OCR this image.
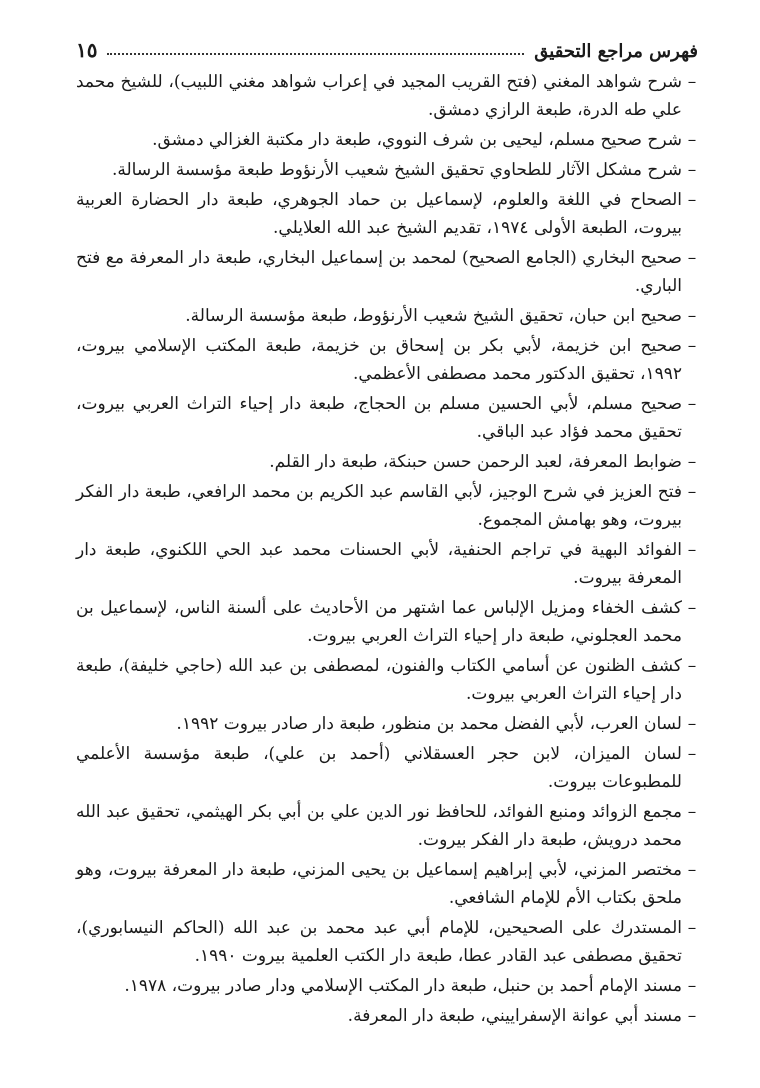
فهرس مراجع التحقيق
١٥

–
شرح شواهد المغني (فتح القريب المجيد في إعراب شواهد مغني اللبيب)، للشيخ محمد علي طه الدرة، طبعة الرازي دمشق.

–
شرح صحيح مسلم، ليحيى بن شرف النووي، طبعة دار مكتبة الغزالي دمشق.

–
شرح مشكل الآثار للطحاوي تحقيق الشيخ شعيب الأرنؤوط طبعة مؤسسة الرسالة.

–
الصحاح في اللغة والعلوم، لإسماعيل بن حماد الجوهري، طبعة دار الحضارة العربية بيروت، الطبعة الأولى ١٩٧٤، تقديم الشيخ عبد الله العلايلي.

–
صحيح البخاري (الجامع الصحيح) لمحمد بن إسماعيل البخاري، طبعة دار المعرفة مع فتح الباري.

–
صحيح ابن حبان، تحقيق الشيخ شعيب الأرنؤوط، طبعة مؤسسة الرسالة.

–
صحيح ابن خزيمة، لأبي بكر بن إسحاق بن خزيمة، طبعة المكتب الإسلامي بيروت، ١٩٩٢، تحقيق الدكتور محمد مصطفى الأعظمي.

–
صحيح مسلم، لأبي الحسين مسلم بن الحجاج، طبعة دار إحياء التراث العربي بيروت، تحقيق محمد فؤاد عبد الباقي.

–
ضوابط المعرفة، لعبد الرحمن حسن حبنكة، طبعة دار القلم.

–
فتح العزيز في شرح الوجيز، لأبي القاسم عبد الكريم بن محمد الرافعي، طبعة دار الفكر بيروت، وهو بهامش المجموع.

–
الفوائد البهية في تراجم الحنفية، لأبي الحسنات محمد عبد الحي اللكنوي، طبعة دار المعرفة بيروت.

–
كشف الخفاء ومزيل الإلباس عما اشتهر من الأحاديث على ألسنة الناس، لإسماعيل بن محمد العجلوني، طبعة دار إحياء التراث العربي بيروت.

–
كشف الظنون عن أسامي الكتاب والفنون، لمصطفى بن عبد الله (حاجي خليفة)، طبعة دار إحياء التراث العربي بيروت.

–
لسان العرب، لأبي الفضل محمد بن منظور، طبعة دار صادر بيروت ١٩٩٢.

–
لسان الميزان، لابن حجر العسقلاني (أحمد بن علي)، طبعة مؤسسة الأعلمي للمطبوعات بيروت.

–
مجمع الزوائد ومنبع الفوائد، للحافظ نور الدين علي بن أبي بكر الهيثمي، تحقيق عبد الله محمد درويش، طبعة دار الفكر بيروت.

–
مختصر المزني، لأبي إبراهيم إسماعيل بن يحيى المزني، طبعة دار المعرفة بيروت، وهو ملحق بكتاب الأم للإمام الشافعي.

–
المستدرك على الصحيحين، للإمام أبي عبد محمد بن عبد الله (الحاكم النيسابوري)، تحقيق مصطفى عبد القادر عطا، طبعة دار الكتب العلمية بيروت ١٩٩٠.

–
مسند الإمام أحمد بن حنبل، طبعة دار المكتب الإسلامي ودار صادر بيروت، ١٩٧٨.

–
مسند أبي عوانة الإسفراييني، طبعة دار المعرفة.
